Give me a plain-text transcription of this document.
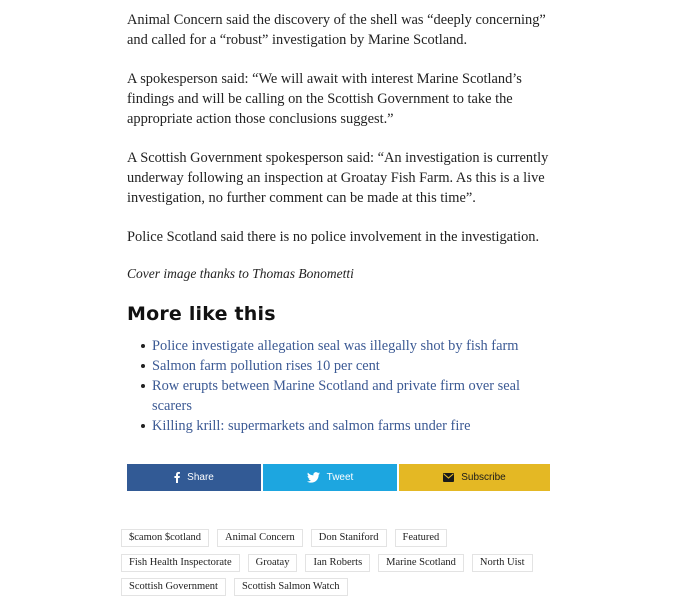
Animal Concern said the discovery of the shell was “deeply concerning” and called for a “robust” investigation by Marine Scotland.

A spokesperson said: “We will await with interest Marine Scotland’s findings and will be calling on the Scottish Government to take the appropriate action those conclusions suggest.”

A Scottish Government spokesperson said: “An investigation is currently underway following an inspection at Groatay Fish Farm. As this is a live investigation, no further comment can be made at this time”.

Police Scotland said there is no police involvement in the investigation.

Cover image thanks to Thomas Bonometti

More like this
Police investigate allegation seal was illegally shot by fish farm
Salmon farm pollution rises 10 per cent
Row erupts between Marine Scotland and private firm over seal scarers
Killing krill: supermarkets and salmon farms under fire
Share	Tweet	Subscribe
$camon $cotland	Animal Concern	Don Staniford	Featured
Fish Health Inspectorate	Groatay	Ian Roberts	Marine Scotland	North Uist
Scottish Government	Scottish Salmon Watch
